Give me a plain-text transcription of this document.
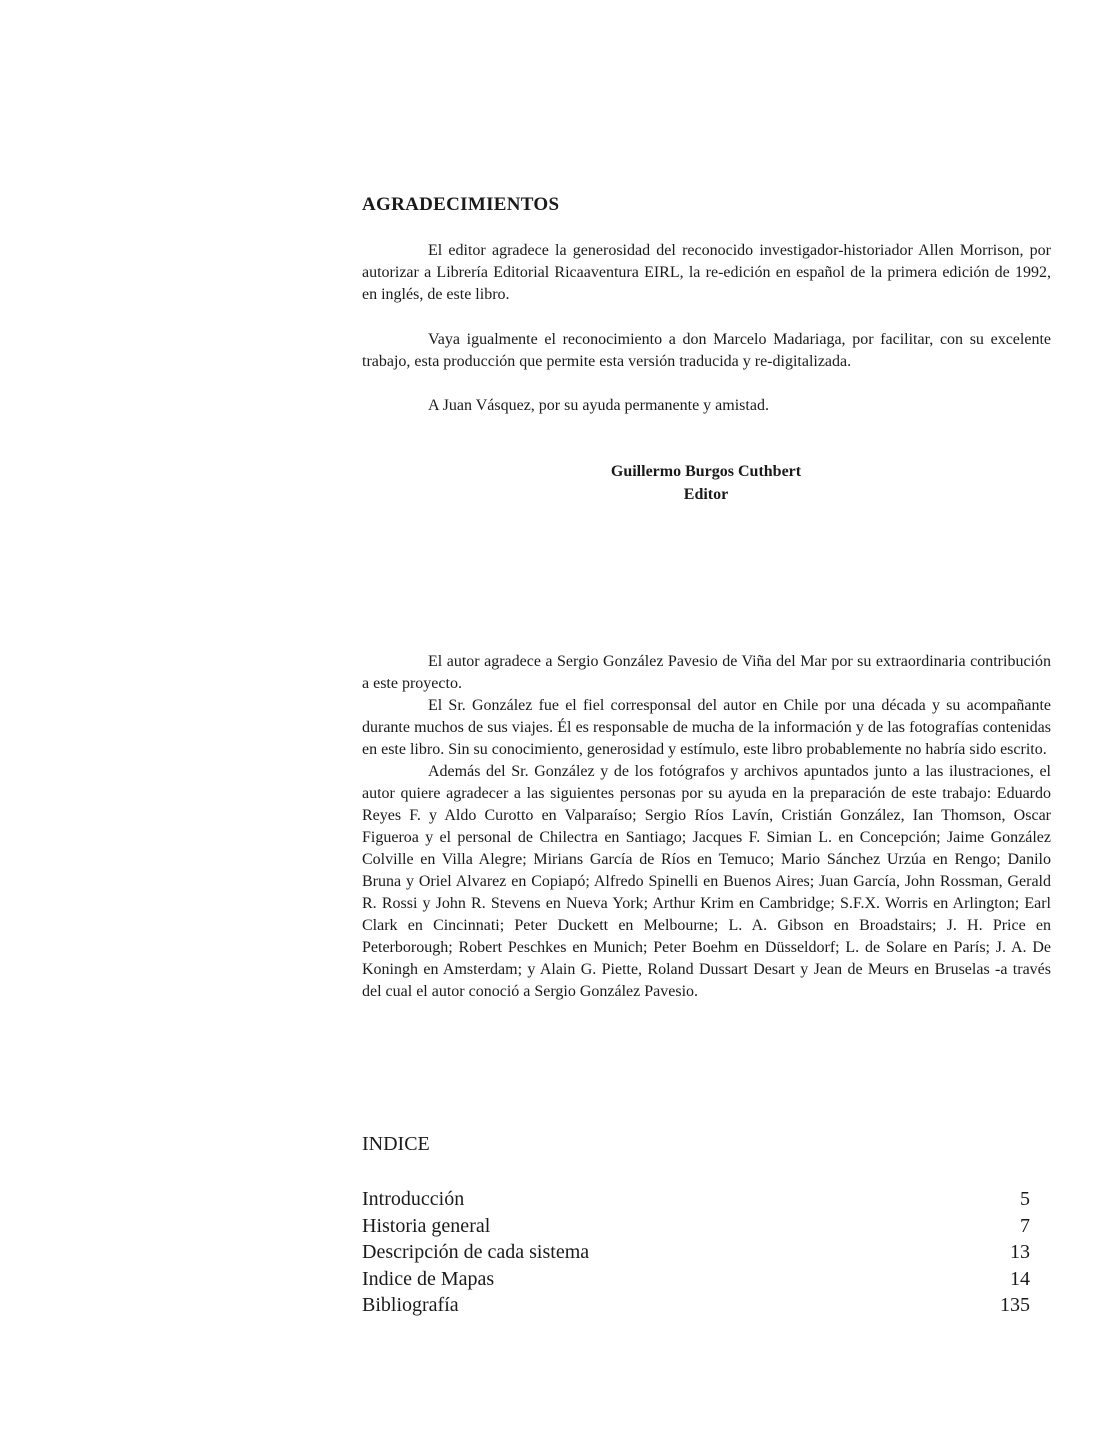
AGRADECIMIENTOS

El editor agradece la generosidad del reconocido investigador-historiador Allen Morrison, por autorizar a Librería Editorial Ricaaventura EIRL, la re-edición en español de la primera edición de 1992, en inglés, de este libro.

Vaya igualmente el reconocimiento a don Marcelo Madariaga, por facilitar, con su excelente trabajo, esta producción que permite esta versión traducida y re-digitalizada.

A Juan Vásquez, por su ayuda permanente y amistad.

Guillermo Burgos Cuthbert
Editor

El autor agradece a Sergio González Pavesio de Viña del Mar por su extraordinaria contribución a este proyecto.

El Sr. González fue el fiel corresponsal del autor en Chile por una década y su acompañante durante muchos de sus viajes. Él es responsable de mucha de la información y de las fotografías contenidas en este libro. Sin su conocimiento, generosidad y estímulo, este libro probablemente no habría sido escrito.

Además del Sr. González y de los fotógrafos y archivos apuntados junto a las ilustraciones, el autor quiere agradecer a las siguientes personas por su ayuda en la preparación de este trabajo: Eduardo Reyes F. y Aldo Curotto en Valparaíso; Sergio Ríos Lavín, Cristián González, Ian Thomson, Oscar Figueroa y el personal de Chilectra en Santiago; Jacques F. Simian L. en Concepción; Jaime González Colville en Villa Alegre; Mirians García de Ríos en Temuco; Mario Sánchez Urzúa en Rengo; Danilo Bruna y Oriel Alvarez en Copiapó; Alfredo Spinelli en Buenos Aires; Juan García, John Rossman, Gerald R. Rossi y John R. Stevens en Nueva York; Arthur Krim en Cambridge; S.F.X. Worris en Arlington; Earl Clark en Cincinnati; Peter Duckett en Melbourne; L. A. Gibson en Broadstairs; J. H. Price en Peterborough; Robert Peschkes en Munich; Peter Boehm en Düsseldorf; L. de Solare en París; J. A. De Koningh en Amsterdam; y Alain G. Piette, Roland Dussart Desart y Jean de Meurs en Bruselas -a través del cual el autor conoció a Sergio González Pavesio.

INDICE
Introducción	5
Historia general	7
Descripción de cada sistema	13
Indice de Mapas	14
Bibliografía	135
